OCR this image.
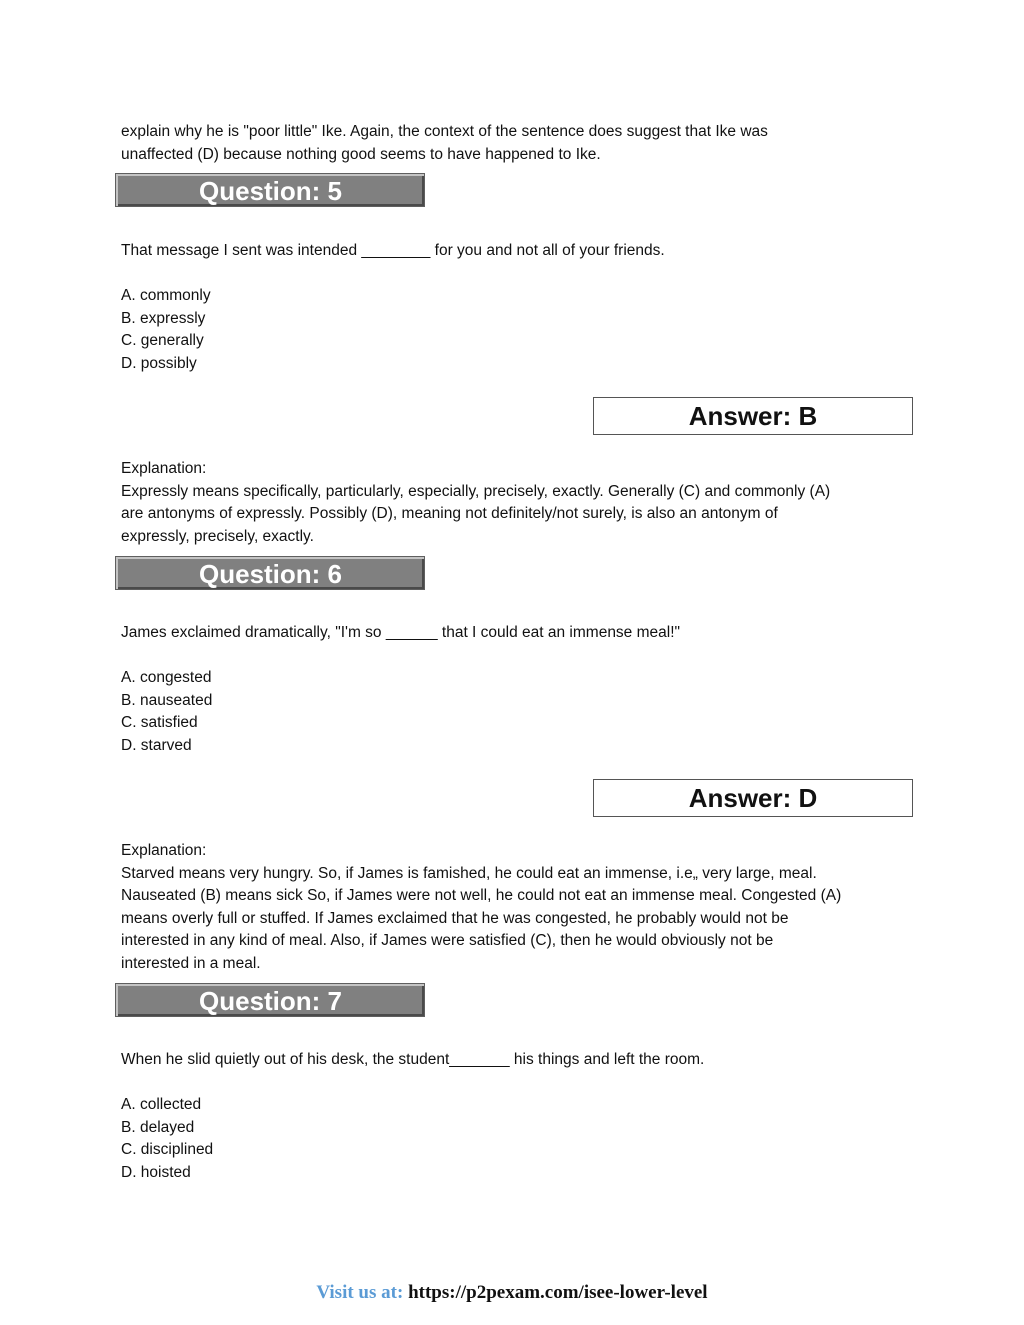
explain why he is "poor little" Ike. Again, the context of the sentence does suggest that Ike was
unaffected (D) because nothing good seems to have happened to Ike.
Question: 5
That message I sent was intended ________ for you and not all of your friends.
A. commonly
B. expressly
C. generally
D. possibly
Answer: B
Explanation:
Expressly means specifically, particularly, especially, precisely, exactly. Generally (C) and commonly (A)
are antonyms of expressly. Possibly (D), meaning not definitely/not surely, is also an antonym of
expressly, precisely, exactly.
Question: 6
James exclaimed dramatically, "I'm so ______ that I could eat an immense meal!"
A. congested
B. nauseated
C. satisfied
D. starved
Answer: D
Explanation:
Starved means very hungry. So, if James is famished, he could eat an immense, i.e„ very large, meal.
Nauseated (B) means sick So, if James were not well, he could not eat an immense meal. Congested (A)
means overly full or stuffed. If James exclaimed that he was congested, he probably would not be
interested in any kind of meal. Also, if James were satisfied (C), then he would obviously not be
interested in a meal.
Question: 7
When he slid quietly out of his desk, the student_______ his things and left the room.
A. collected
B. delayed
C. disciplined
D. hoisted
Visit us at: https://p2pexam.com/isee-lower-level
